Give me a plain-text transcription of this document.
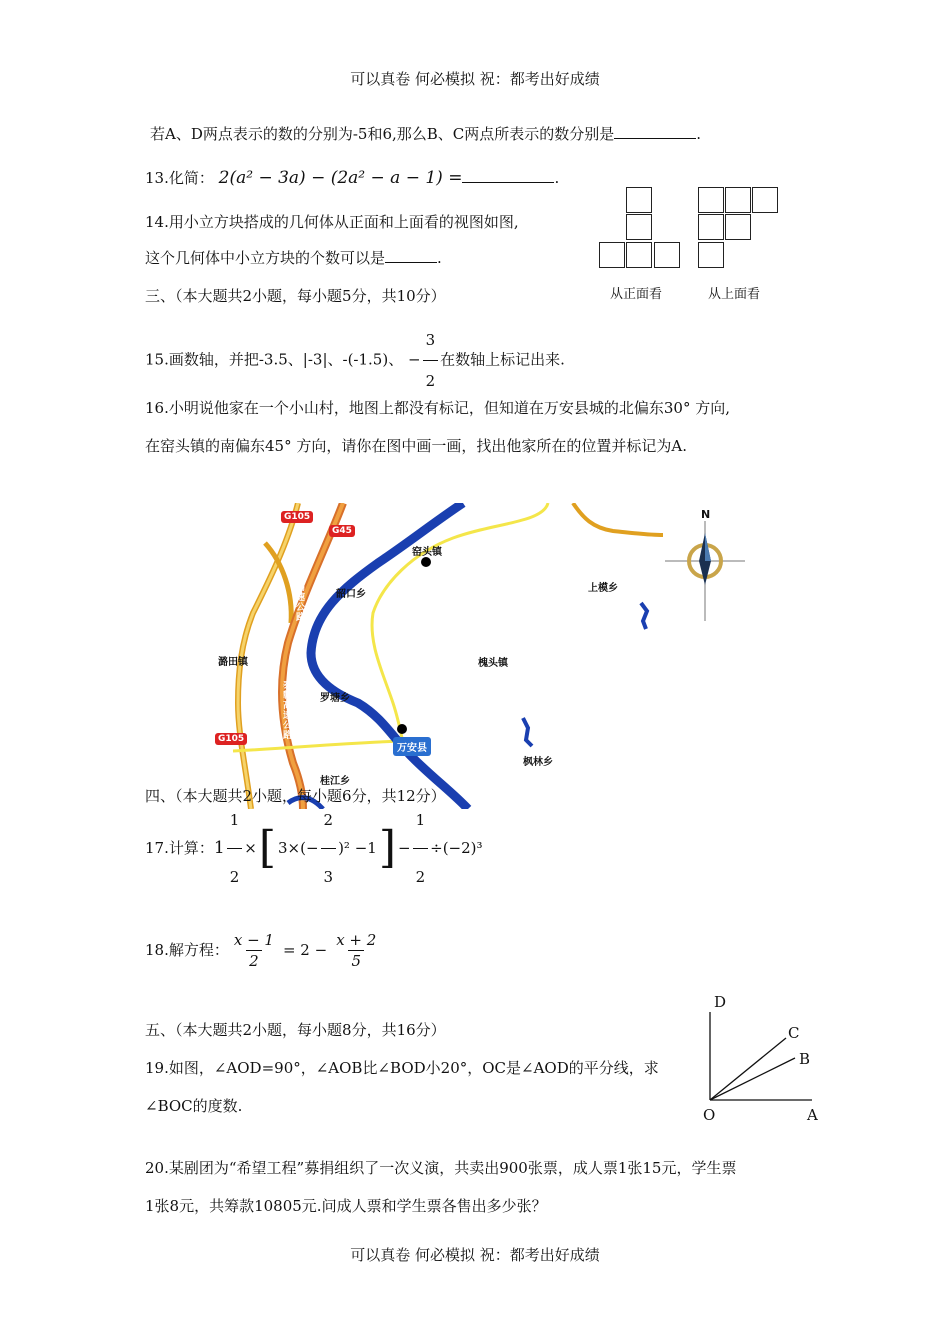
可以真卷 何必模拟 祝：都考出好成绩
若A、D两点表示的数的分别为-5和6,那么B、C两点所表示的数分别是	.
13.化简： 2(a² − 3a) − (2a² − a − 1) =	.
14.用小立方块搭成的几何体从正面和上面看的视图如图,
这个几何体中小立方块的个数可以是	.
从正面看	从上面看
三、（本大题共2小题，每小题5分，共10分）
15.画数轴，并把-3.5、|-3|、-(-1.5)、 − $\frac{3}{2}$ 在数轴上标记出来.
16.小明说他家在一个小山村，地图上都没有标记，但知道在万安县城的北偏东30° 方向,
在窑头镇的南偏东45° 方向，请你在图中画一画，找出他家所在的位置并标记为A.
G105
G45
G105
窑头镇
韶口乡
上模乡
潞田镇	槐头镇
罗塘乡
万安县
枫林乡
桂江乡
大广高速公路
泰赣高速公路
N
四、（本大题共2小题，每小题6分，共12分）
17.计算： $1 \frac{1}{2}$ × [ $3\times(- \frac{2}{3} )^2 -1$ ] − $\frac{1}{2} \div(-2)^3$
18.解方程： $\frac{x - 1}{2} = 2 - \frac{x + 2}{5}$
五、（本大题共2小题，每小题8分，共16分）
19.如图，∠AOD=90°，∠AOB比∠BOD小20°，OC是∠AOD的平分线，求
∠BOC的度数.
D
C
B
O	A
20.某剧团为“希望工程”募捐组织了一次义演，共卖出900张票，成人票1张15元，学生票
1张8元，共筹款10805元.问成人票和学生票各售出多少张？
可以真卷 何必模拟 祝：都考出好成绩
